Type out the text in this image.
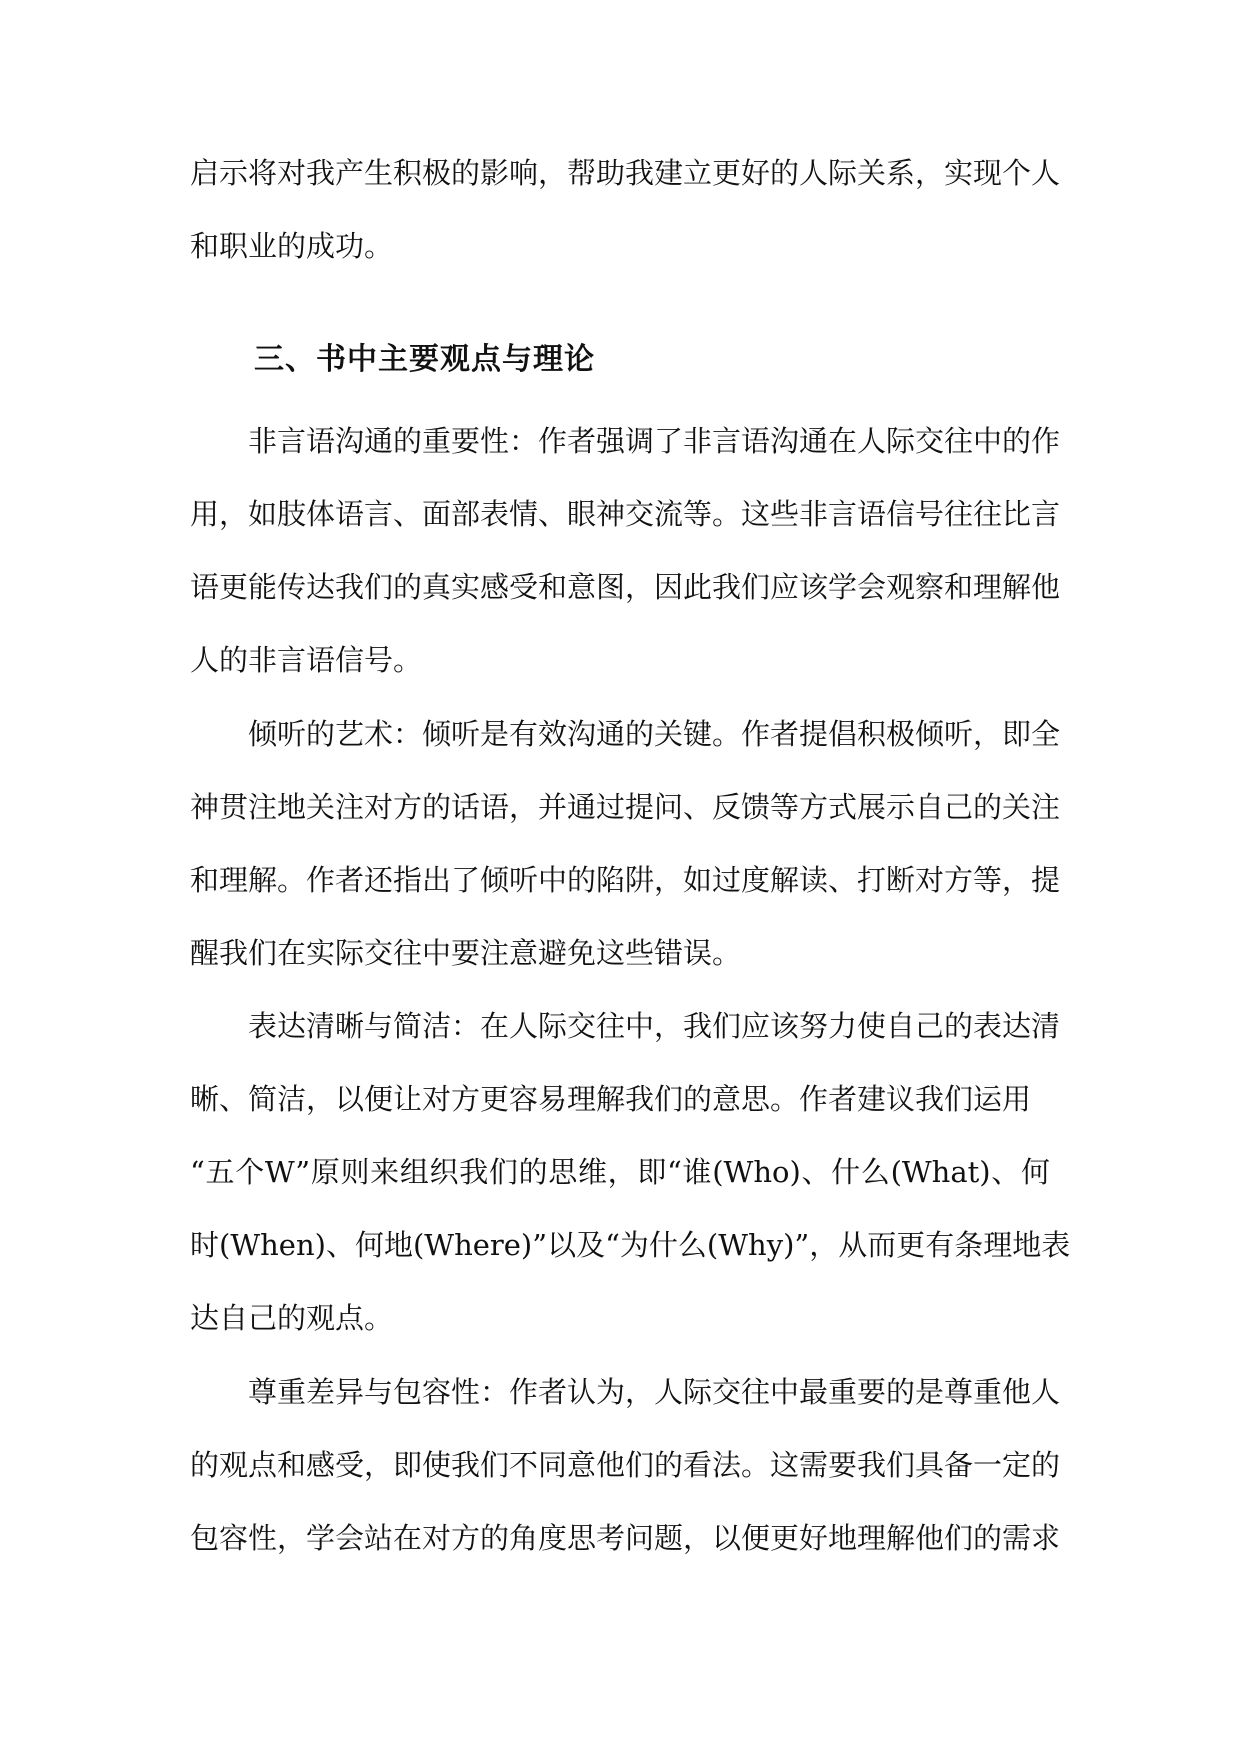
启示将对我产生积极的影响，帮助我建立更好的人际关系，实现个人
和职业的成功。
三、书中主要观点与理论
非言语沟通的重要性：作者强调了非言语沟通在人际交往中的作
用，如肢体语言、面部表情、眼神交流等。这些非言语信号往往比言
语更能传达我们的真实感受和意图，因此我们应该学会观察和理解他
人的非言语信号。
倾听的艺术：倾听是有效沟通的关键。作者提倡积极倾听，即全
神贯注地关注对方的话语，并通过提问、反馈等方式展示自己的关注
和理解。作者还指出了倾听中的陷阱，如过度解读、打断对方等，提
醒我们在实际交往中要注意避免这些错误。
表达清晰与简洁：在人际交往中，我们应该努力使自己的表达清
晰、简洁，以便让对方更容易理解我们的意思。作者建议我们运用
“五个W”原则来组织我们的思维，即“谁(Who)、什么(What)、何
时(When)、何地(Where)”以及“为什么(Why)”，从而更有条理地表
达自己的观点。
尊重差异与包容性：作者认为，人际交往中最重要的是尊重他人
的观点和感受，即使我们不同意他们的看法。这需要我们具备一定的
包容性，学会站在对方的角度思考问题，以便更好地理解他们的需求
